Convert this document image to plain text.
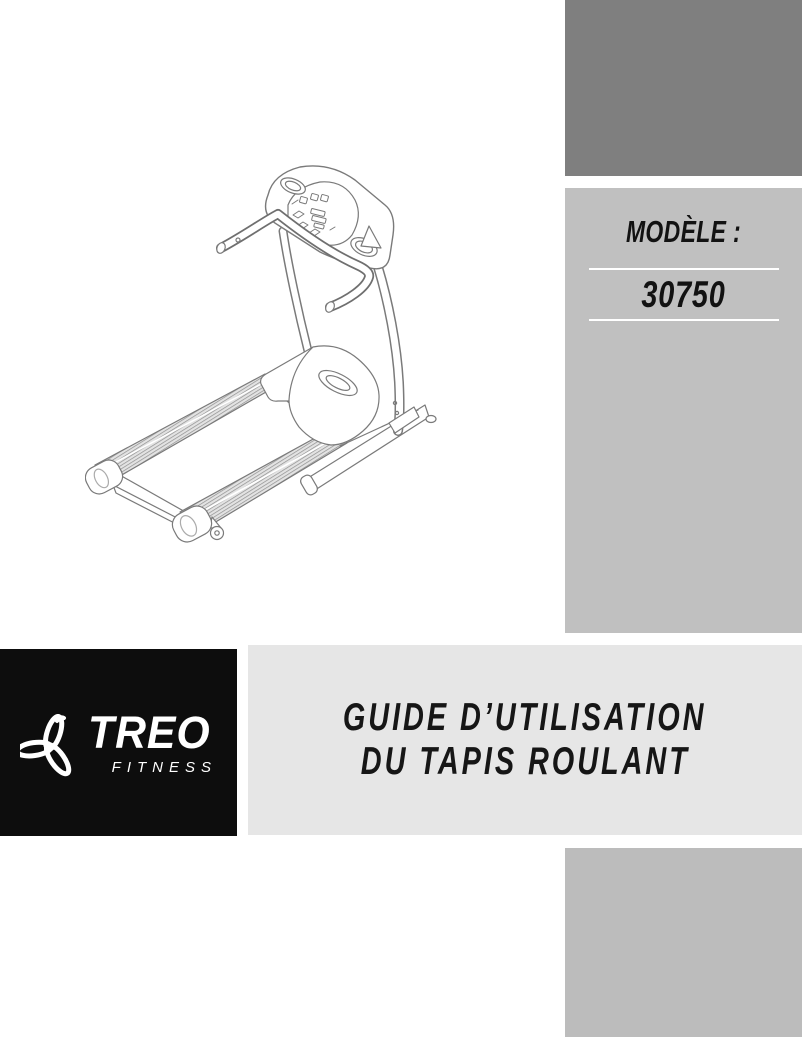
MODÈLE :
30750
TREO
FITNESS
GUIDE D’UTILISATION
DU TAPIS ROULANT
